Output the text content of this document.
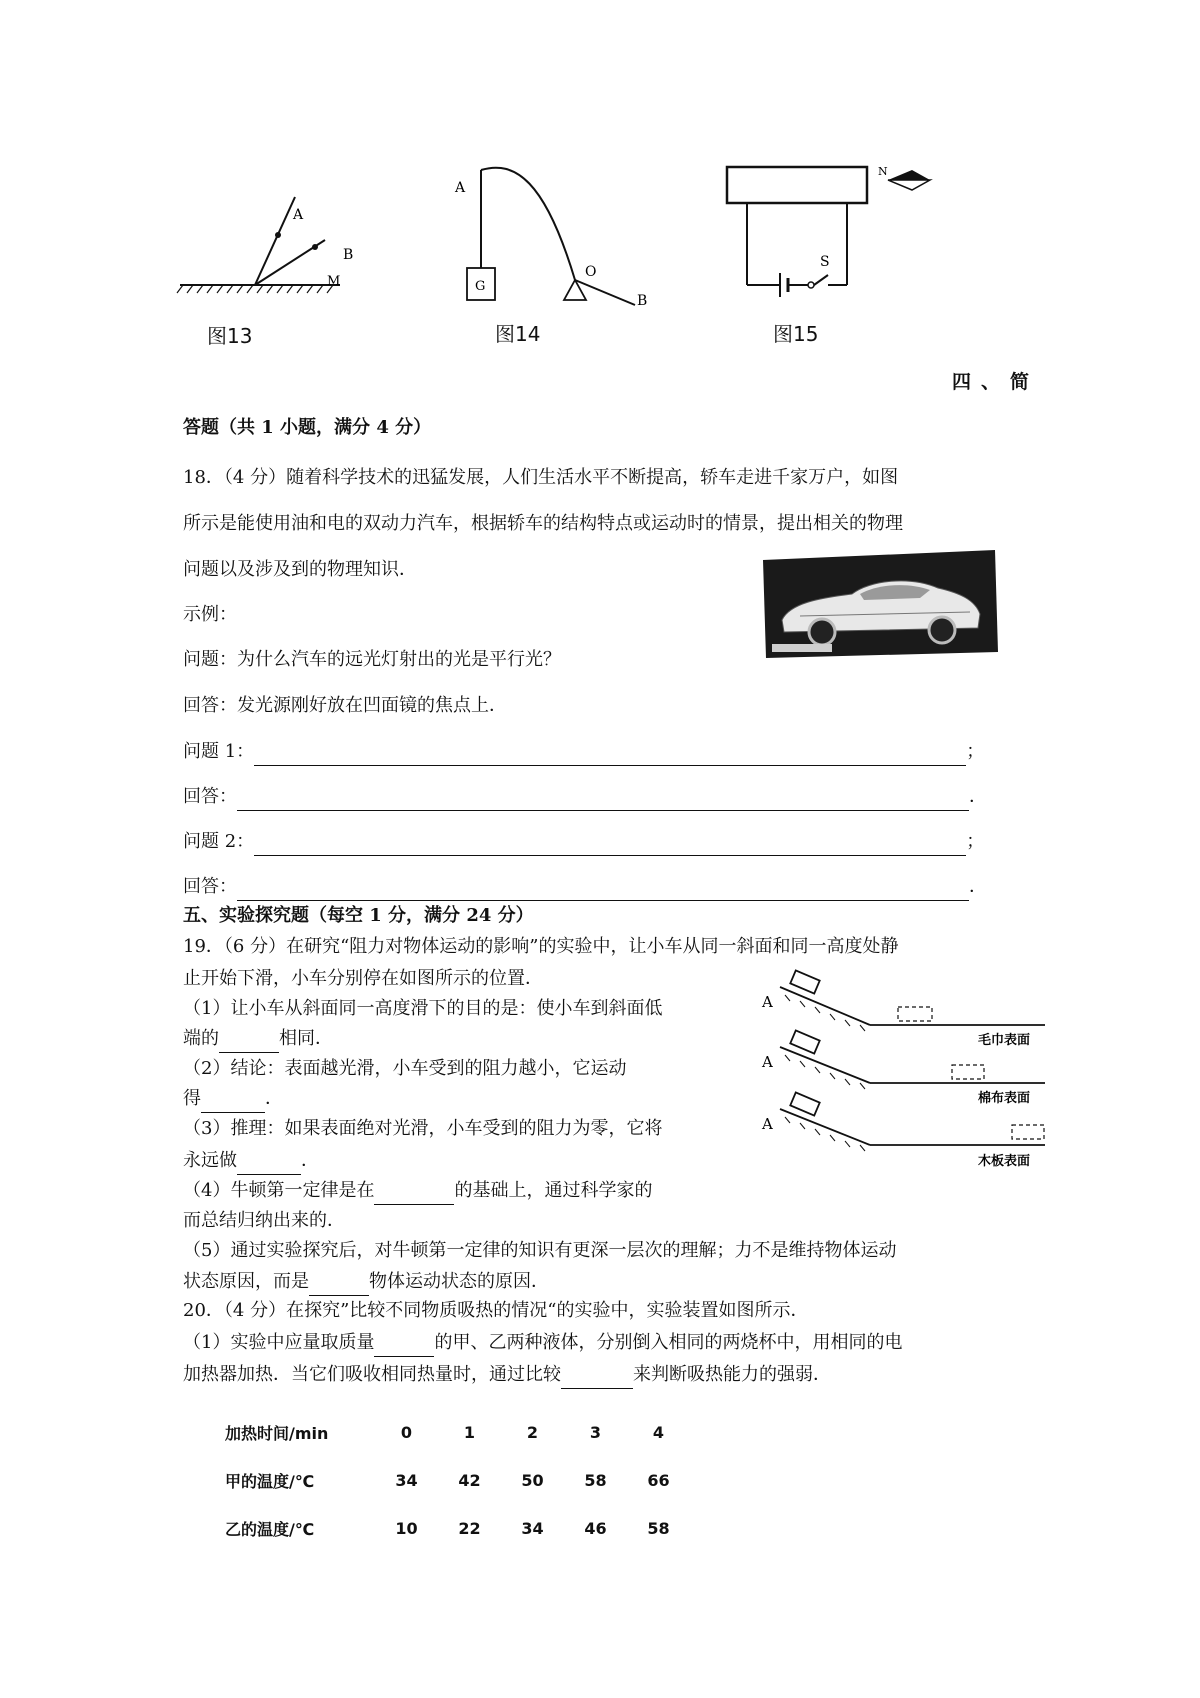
A
B
M
图13
A
G
O
B
图14
S
N
图15
四、简
答题（共 1 小题，满分 4 分）
18．（4 分）随着科学技术的迅猛发展，人们生活水平不断提高，轿车走进千家万户，如图
所示是能使用油和电的双动力汽车，根据轿车的结构特点或运动时的情景，提出相关的物理
问题以及涉及到的物理知识．
示例：
问题：为什么汽车的远光灯射出的光是平行光？
回答：发光源刚好放在凹面镜的焦点上．
问题 1：	；
回答：	．
问题 2：	；
回答：	．
五、实验探究题（每空 1 分，满分 24 分）
19．（6 分）在研究“阻力对物体运动的影响”的实验中，让小车从同一斜面和同一高度处静
止开始下滑，小车分别停在如图所示的位置．
（1）让小车从斜面同一高度滑下的目的是：使小车到斜面低
端的	相同．
（2）结论：表面越光滑，小车受到的阻力越小，它运动
得	．
（3）推理：如果表面绝对光滑，小车受到的阻力为零，它将
永远做	．
（4）牛顿第一定律是在	的基础上，通过科学家的
而总结归纳出来的．
（5）通过实验探究后，对牛顿第一定律的知识有更深一层次的理解；力不是维持物体运动
状态原因，而是	物体运动状态的原因．
A
毛巾表面
A
棉布表面
A
木板表面
20．（4 分）在探究”比较不同物质吸热的情况“的实验中，实验装置如图所示．
（1）实验中应量取质量	的甲、乙两种液体，分别倒入相同的两烧杯中，用相同的电
加热器加热．当它们吸收相同热量时，通过比较	来判断吸热能力的强弱．
加热时间/min	0	1	2	3	4
甲的温度/℃	34	42	50	58	66
乙的温度/℃	10	22	34	46	58
